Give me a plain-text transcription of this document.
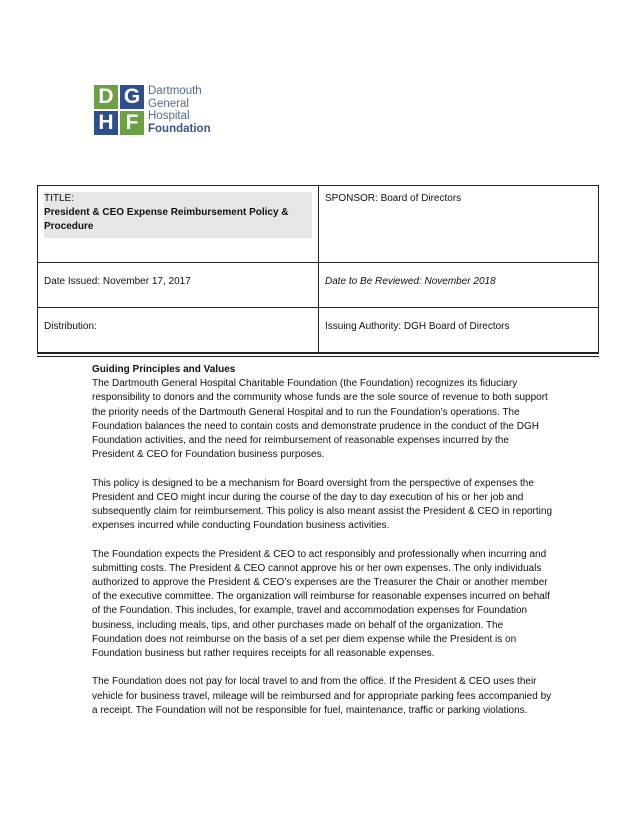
D G
H F
Dartmouth
General
Hospital
Foundation
TITLE:
President & CEO Expense Reimbursement Policy & Procedure
SPONSOR: Board of Directors
Date Issued: November 17, 2017	Date to Be Reviewed: November 2018
Distribution:	Issuing Authority: DGH Board of Directors
Guiding Principles and Values

The Dartmouth General Hospital Charitable Foundation (the Foundation) recognizes its fiduciary responsibility to donors and the community whose funds are the sole source of revenue to both support the priority needs of the Dartmouth General Hospital and to run the Foundation’s operations. The Foundation balances the need to contain costs and demonstrate prudence in the conduct of the DGH Foundation activities, and the need for reimbursement of reasonable expenses incurred by the President & CEO for Foundation business purposes.

This policy is designed to be a mechanism for Board oversight from the perspective of expenses the President and CEO might incur during the course of the day to day execution of his or her job and subsequently claim for reimbursement. This policy is also meant assist the President & CEO in reporting expenses incurred while conducting Foundation business activities.

The Foundation expects the President & CEO to act responsibly and professionally when incurring and submitting costs. The President & CEO cannot approve his or her own expenses. The only individuals authorized to approve the President & CEO’s expenses are the Treasurer the Chair or another member of the executive committee. The organization will reimburse for reasonable expenses incurred on behalf of the Foundation. This includes, for example, travel and accommodation expenses for Foundation business, including meals, tips, and other purchases made on behalf of the organization. The Foundation does not reimburse on the basis of a set per diem expense while the President is on Foundation business but rather requires receipts for all reasonable expenses.

The Foundation does not pay for local travel to and from the office. If the President & CEO uses their vehicle for business travel, mileage will be reimbursed and for appropriate parking fees accompanied by a receipt. The Foundation will not be responsible for fuel, maintenance, traffic or parking violations.
